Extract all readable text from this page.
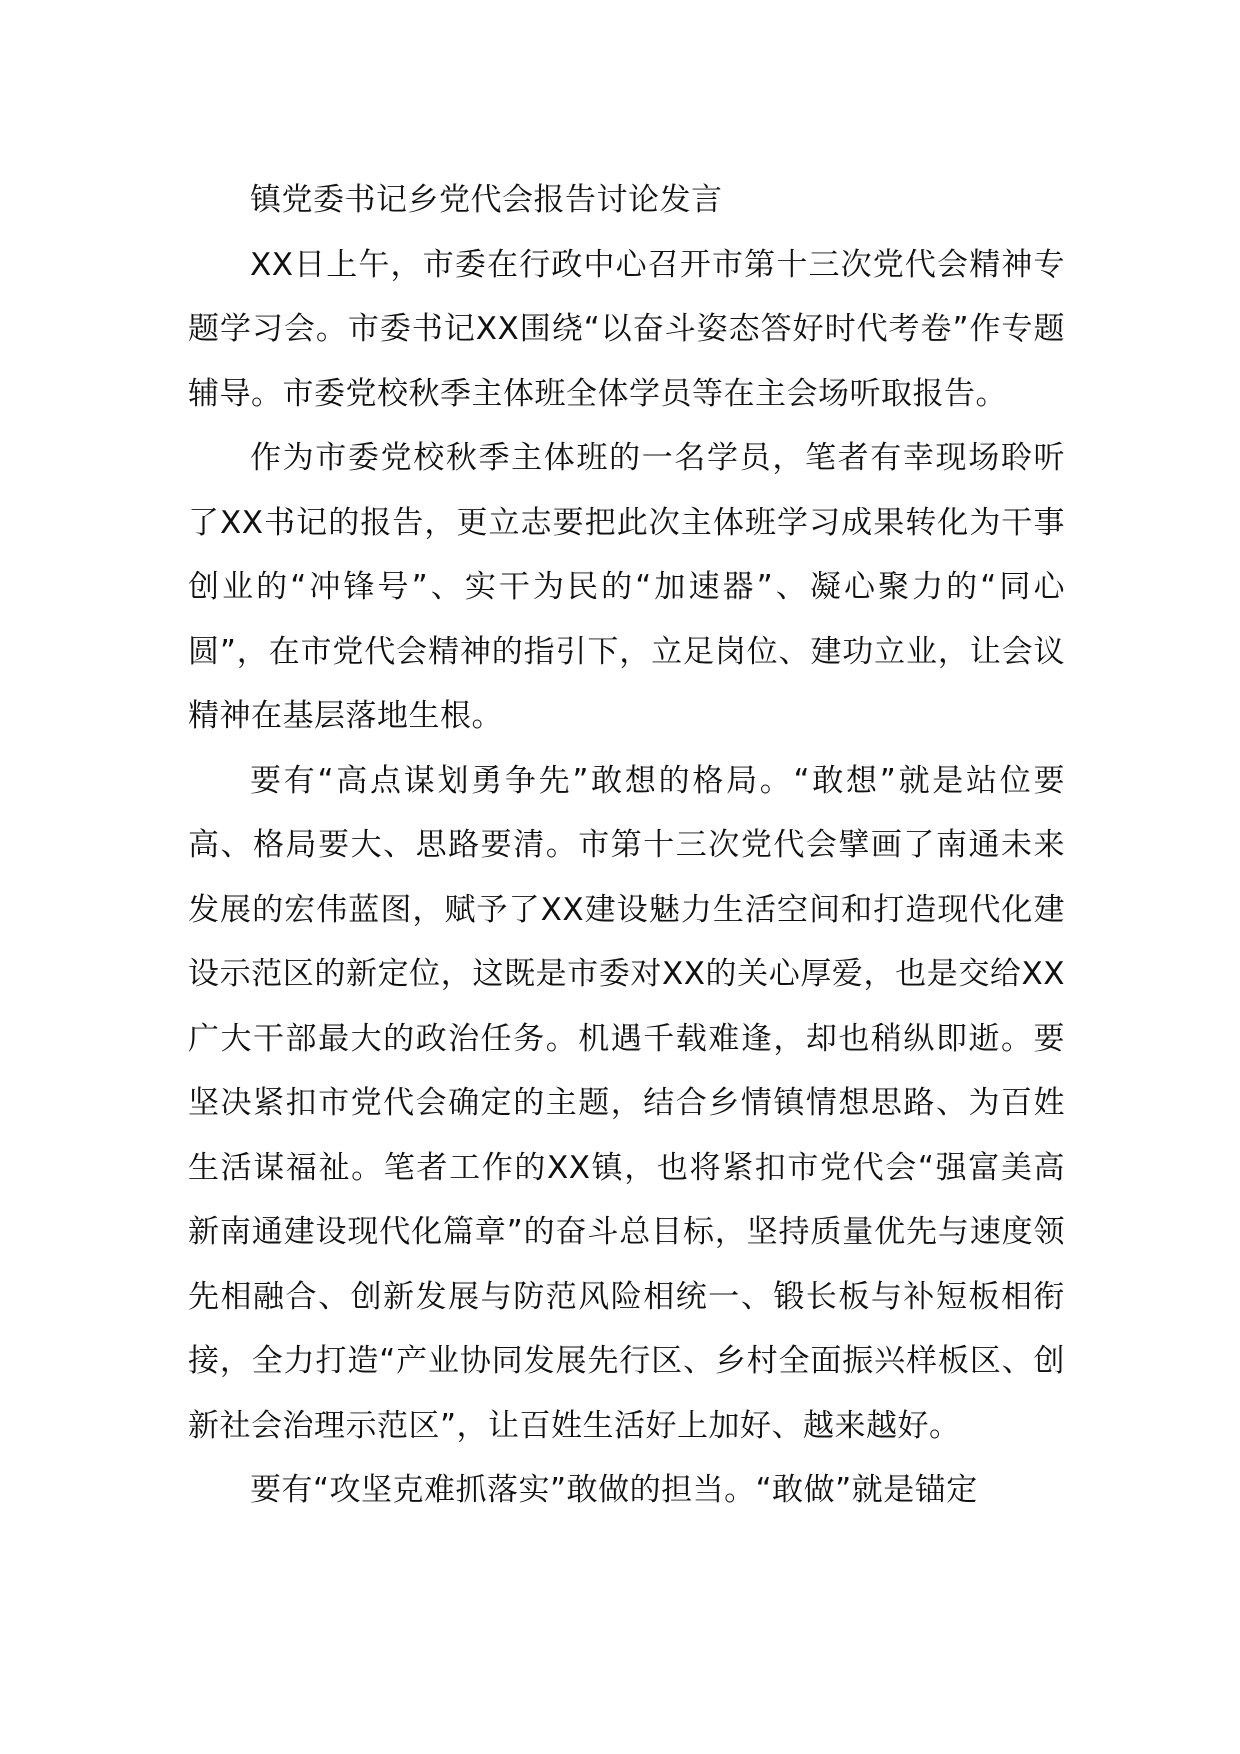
镇党委书记乡党代会报告讨论发言

XX日上午，市委在行政中心召开市第十三次党代会精神专题学习会。市委书记XX围绕“以奋斗姿态答好时代考卷”作专题辅导。市委党校秋季主体班全体学员等在主会场听取报告。

作为市委党校秋季主体班的一名学员，笔者有幸现场聆听了XX书记的报告，更立志要把此次主体班学习成果转化为干事创业的“冲锋号”、实干为民的“加速器”、凝心聚力的“同心圆”，在市党代会精神的指引下，立足岗位、建功立业，让会议精神在基层落地生根。

要有“高点谋划勇争先”敢想的格局。“敢想”就是站位要高、格局要大、思路要清。市第十三次党代会擘画了南通未来发展的宏伟蓝图，赋予了XX建设魅力生活空间和打造现代化建设示范区的新定位，这既是市委对XX的关心厚爱，也是交给XX广大干部最大的政治任务。机遇千载难逢，却也稍纵即逝。要坚决紧扣市党代会确定的主题，结合乡情镇情想思路、为百姓生活谋福祉。笔者工作的XX镇，也将紧扣市党代会“强富美高新南通建设现代化篇章”的奋斗总目标，坚持质量优先与速度领先相融合、创新发展与防范风险相统一、锻长板与补短板相衔接，全力打造“产业协同发展先行区、乡村全面振兴样板区、创新社会治理示范区”，让百姓生活好上加好、越来越好。

要有“攻坚克难抓落实”敢做的担当。“敢做”就是锚定
